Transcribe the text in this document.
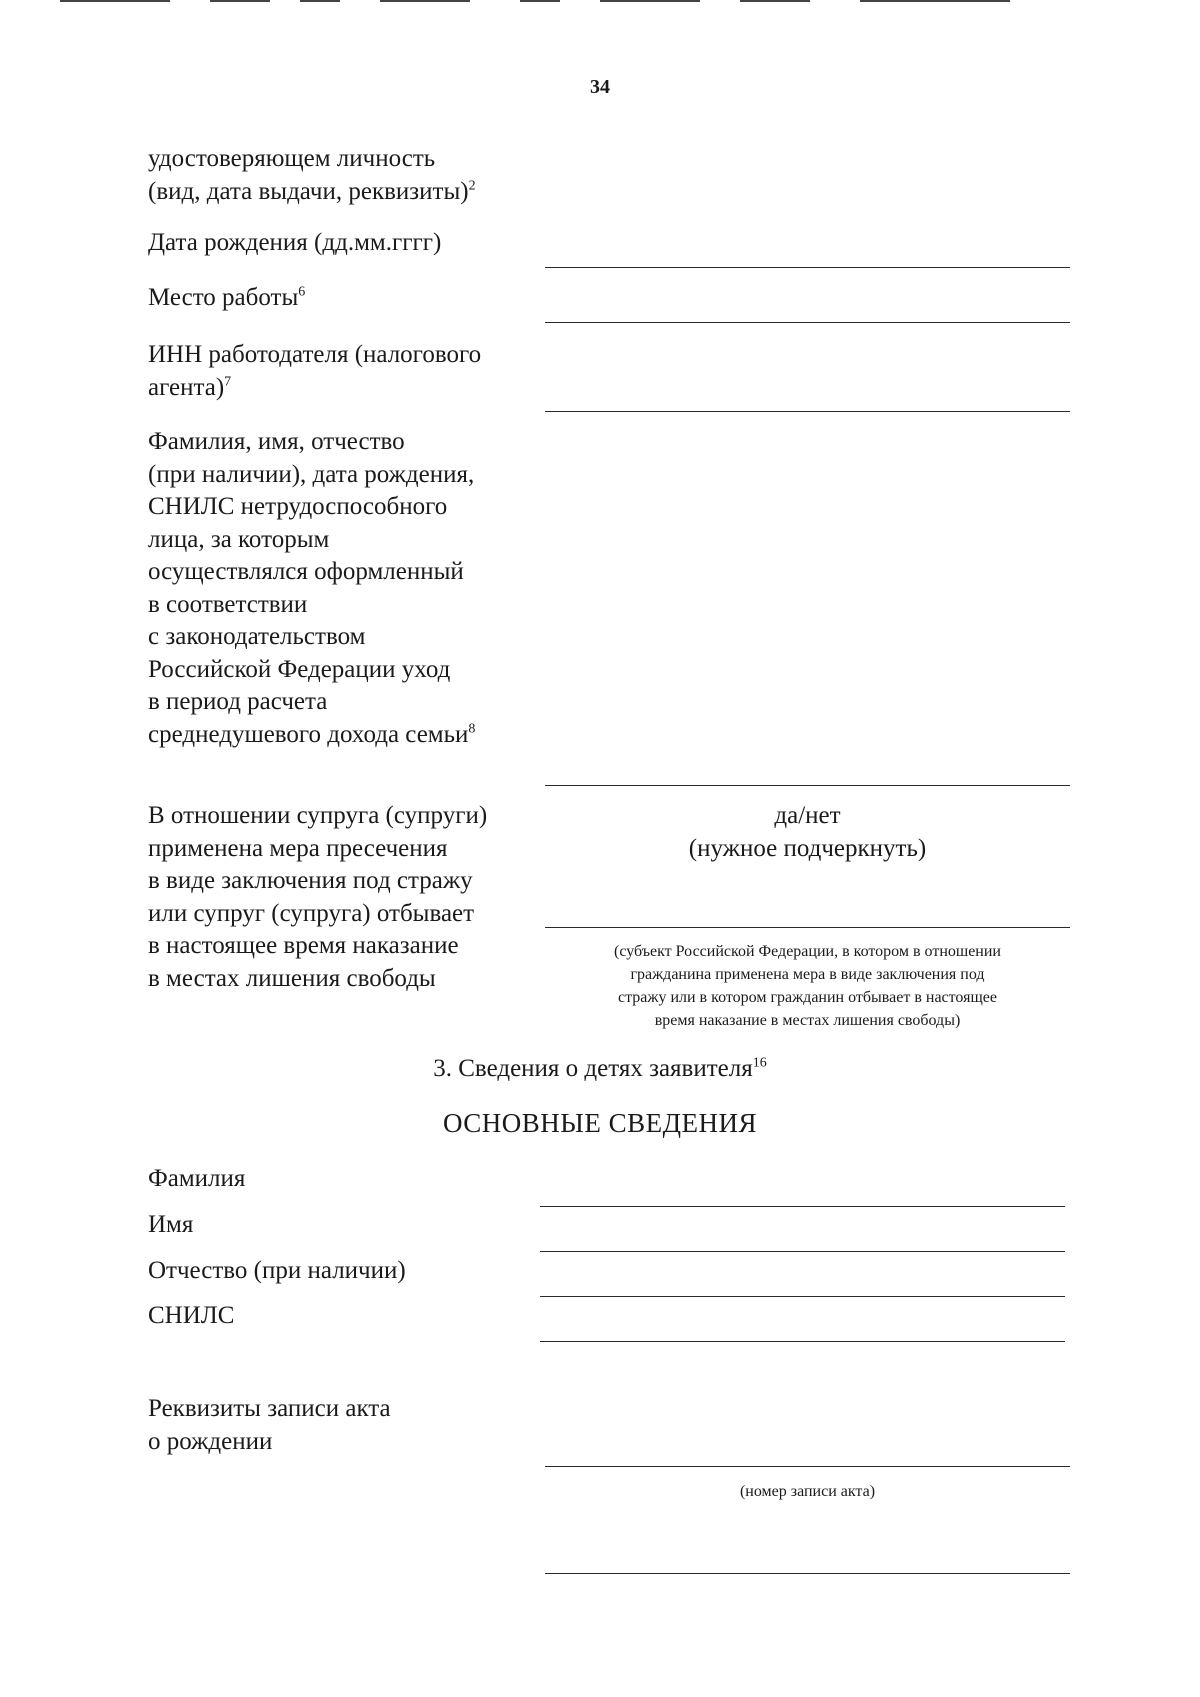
34
удостоверяющем личность
(вид, дата выдачи, реквизиты)$^2$
Дата рождения (дд.мм.гггг)
Место работы$^6$
ИНН работодателя (налогового
агента)$^7$
Фамилия, имя, отчество
(при наличии), дата рождения,
СНИЛС нетрудоспособного
лица, за которым
осуществлялся оформленный
в соответствии
с законодательством
Российской Федерации уход
в период расчета
среднедушевого дохода семьи$^8$
В отношении супруга (супруги)
применена мера пресечения
в виде заключения под стражу
или супруг (супруга) отбывает
в настоящее время наказание
в местах лишения свободы
да/нет
(нужное подчеркнуть)
(субъект Российской Федерации, в котором в отношении
гражданина применена мера в виде заключения под
стражу или в котором гражданин отбывает в настоящее
время наказание в местах лишения свободы)
3. Сведения о детях заявителя$^{16}$
ОСНОВНЫЕ СВЕДЕНИЯ
Фамилия
Имя
Отчество (при наличии)
СНИЛС
Реквизиты записи акта
о рождении
(номер записи акта)
